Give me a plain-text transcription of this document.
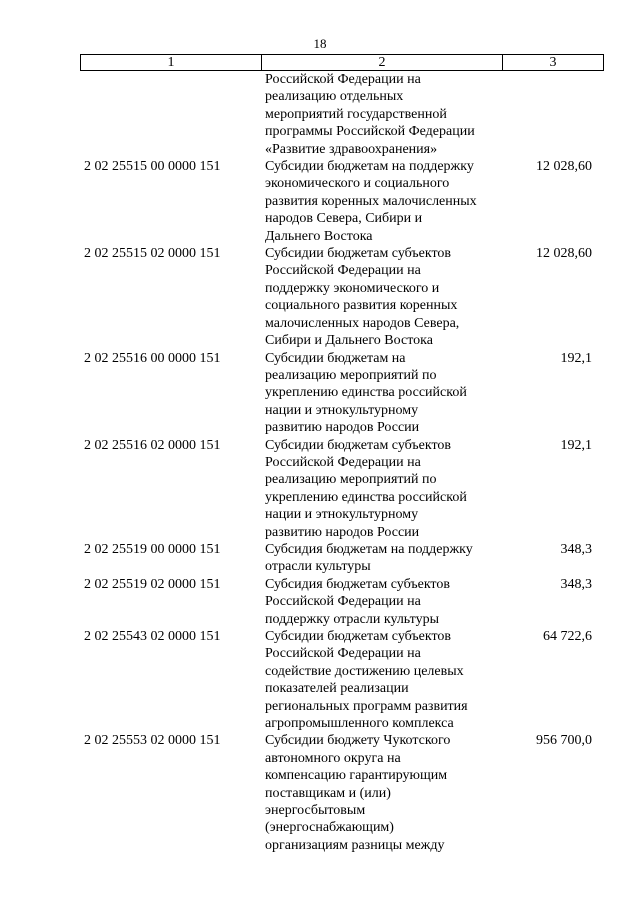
18
1	2	3
Российской Федерации на
реализацию отдельных
мероприятий государственной
программы Российской Федерации
«Развитие здравоохранения»
2 02 25515 00 0000 151	Субсидии бюджетам на поддержку
экономического и социального
развития коренных малочисленных
народов Севера, Сибири и
Дальнего Востока
12 028,60
2 02 25515 02 0000 151	Субсидии бюджетам субъектов
Российской Федерации на
поддержку экономического и
социального развития коренных
малочисленных народов Севера,
Сибири и Дальнего Востока
12 028,60
2 02 25516 00 0000 151	Субсидии бюджетам на
реализацию мероприятий по
укреплению единства российской
нации и этнокультурному
развитию народов России
192,1
2 02 25516 02 0000 151	Субсидии бюджетам субъектов
Российской Федерации на
реализацию мероприятий по
укреплению единства российской
нации и этнокультурному
развитию народов России
192,1
2 02 25519 00 0000 151	Субсидия бюджетам на поддержку
отрасли культуры
348,3
2 02 25519 02 0000 151	Субсидия бюджетам субъектов
Российской Федерации на
поддержку отрасли культуры
348,3
2 02 25543 02 0000 151	Субсидии бюджетам субъектов
Российской Федерации на
содействие достижению целевых
показателей реализации
региональных программ развития
агропромышленного комплекса
64 722,6
2 02 25553 02 0000 151	Субсидии бюджету Чукотского
автономного округа на
компенсацию гарантирующим
поставщикам и (или)
энергосбытовым
(энергоснабжающим)
организациям разницы между
956 700,0
